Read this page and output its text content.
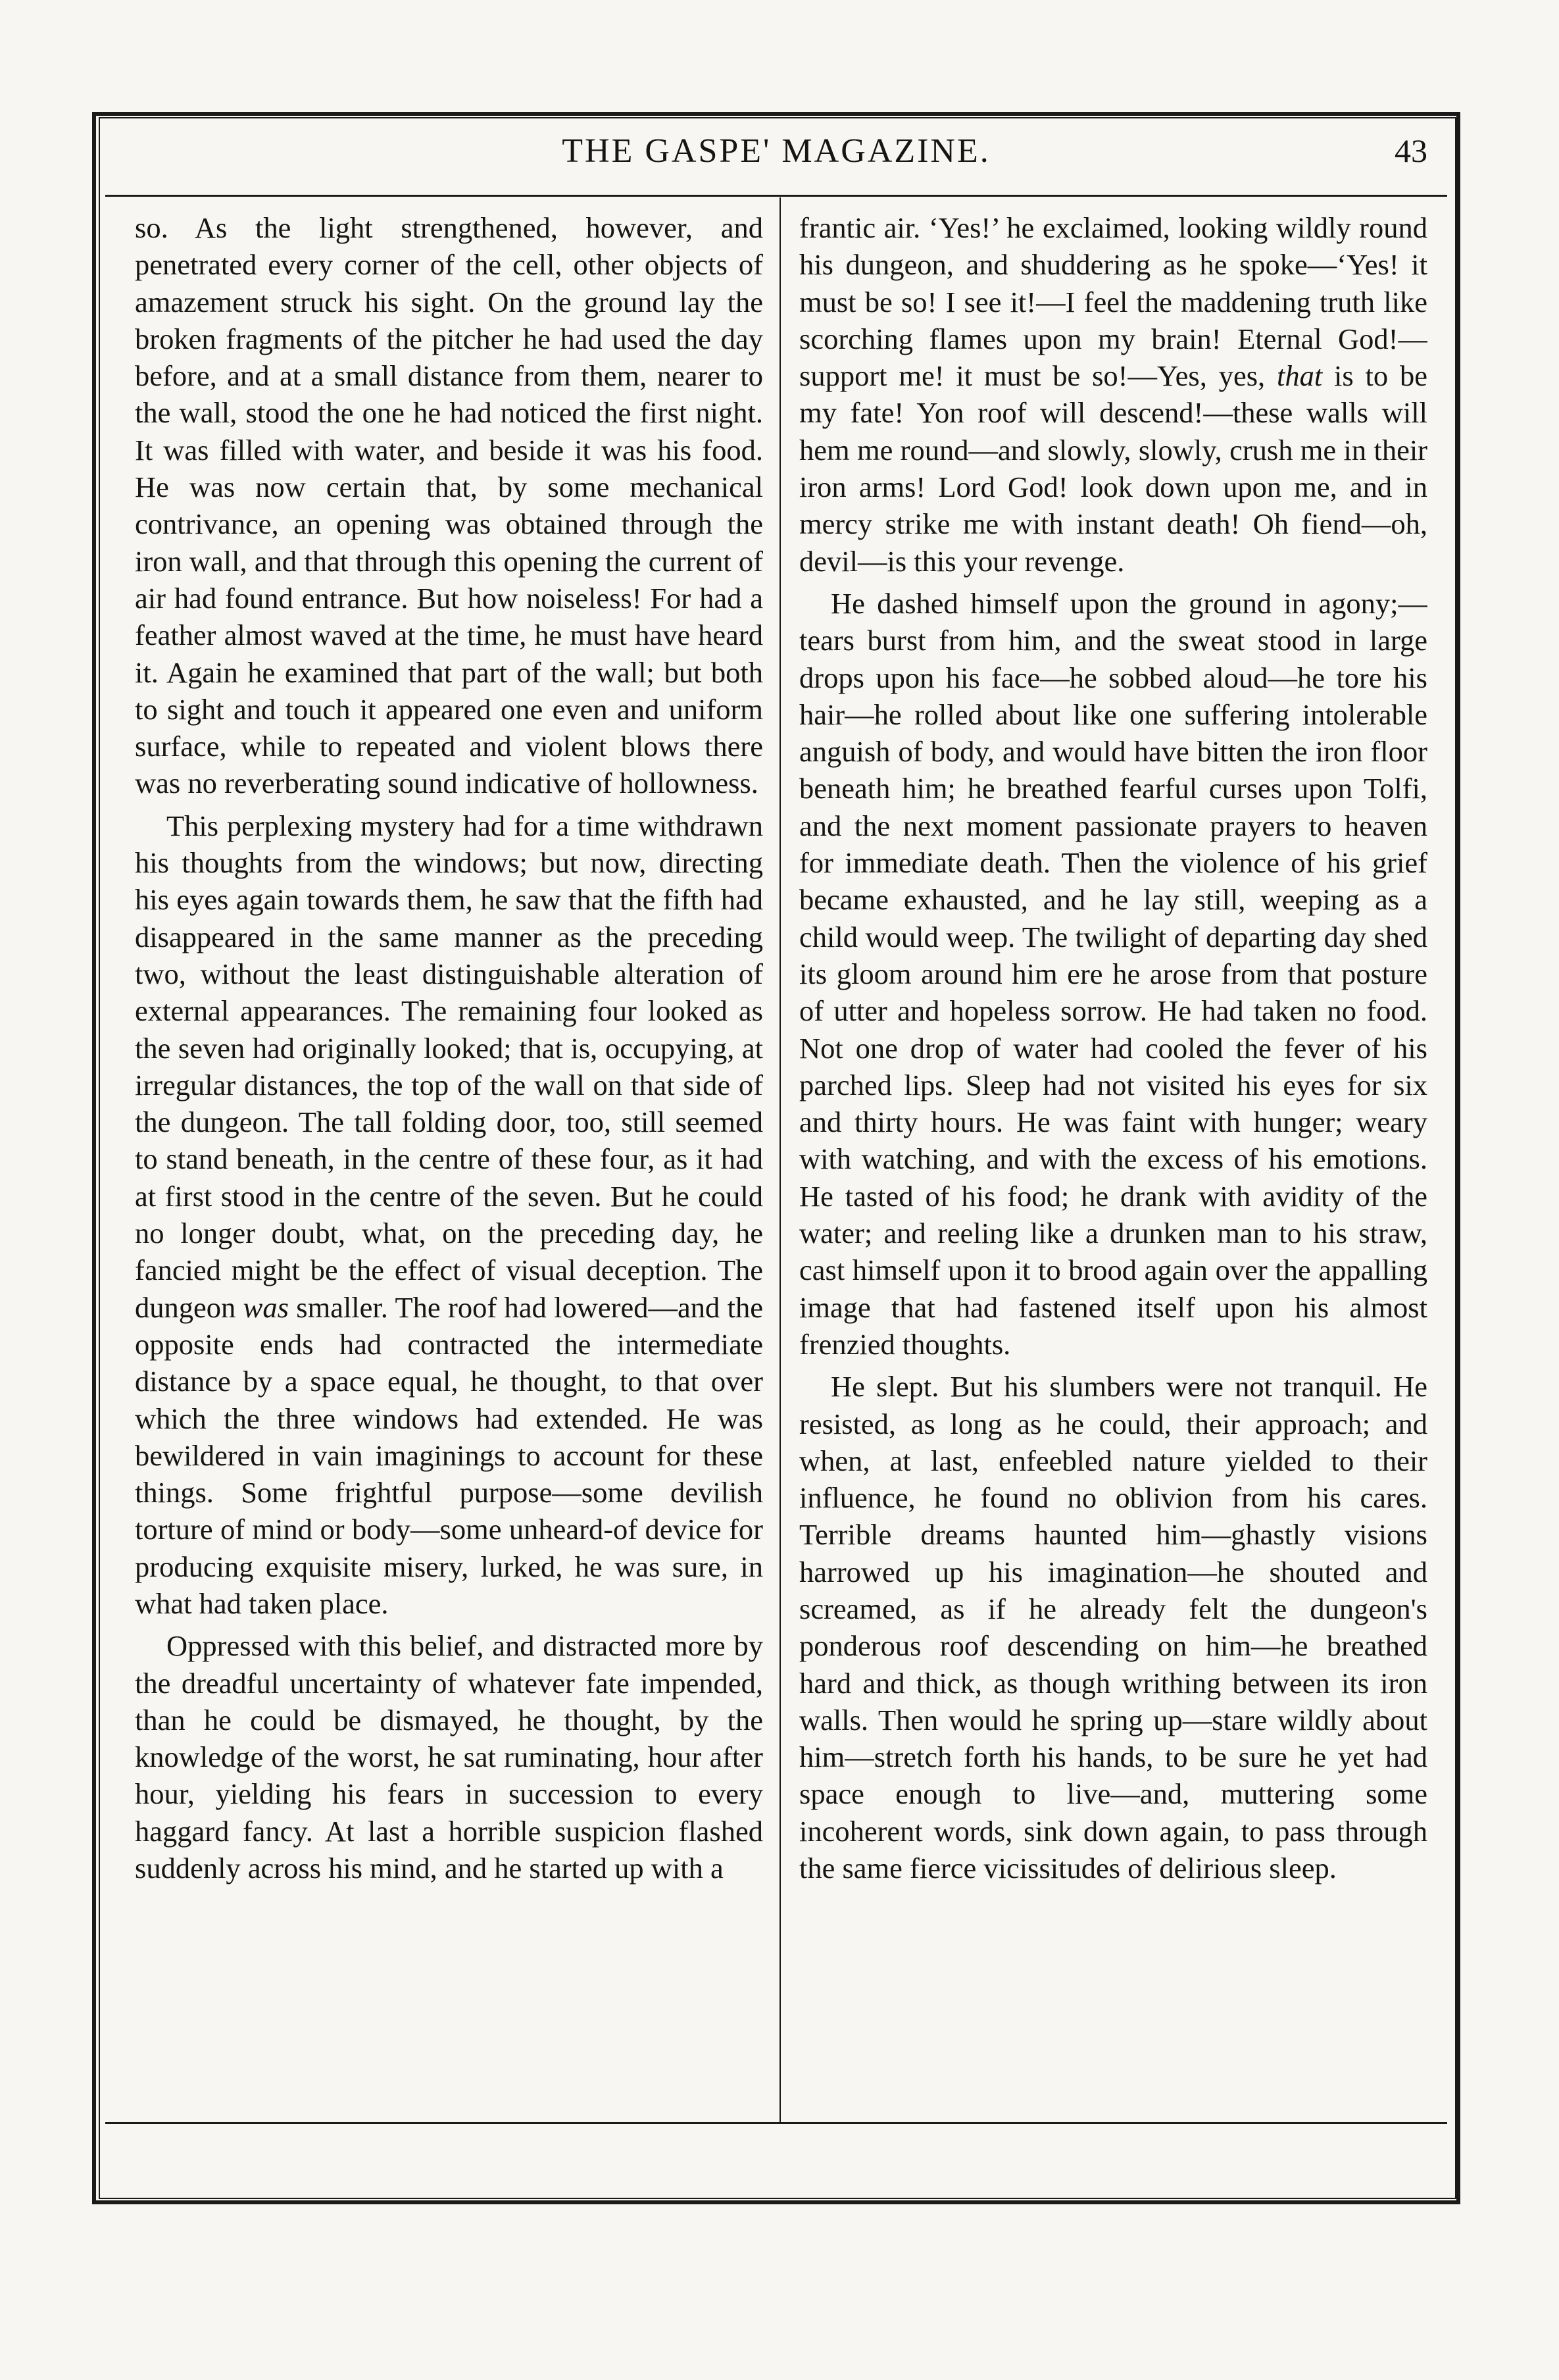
THE GASPE' MAGAZINE.	43

so. As the light strengthened, however, and penetrated every corner of the cell, other objects of amazement struck his sight. On the ground lay the broken fragments of the pitcher he had used the day before, and at a small distance from them, nearer to the wall, stood the one he had noticed the first night. It was filled with water, and beside it was his food. He was now certain that, by some mechanical contrivance, an opening was obtained through the iron wall, and that through this opening the current of air had found entrance. But how noiseless! For had a feather almost waved at the time, he must have heard it. Again he examined that part of the wall; but both to sight and touch it appeared one even and uniform surface, while to repeated and violent blows there was no reverberating sound indicative of hollowness.

This perplexing mystery had for a time withdrawn his thoughts from the windows; but now, directing his eyes again towards them, he saw that the fifth had disappeared in the same manner as the preceding two, without the least distinguishable alteration of external appearances. The remaining four looked as the seven had originally looked; that is, occupying, at irregular distances, the top of the wall on that side of the dungeon. The tall folding door, too, still seemed to stand beneath, in the centre of these four, as it had at first stood in the centre of the seven. But he could no longer doubt, what, on the preceding day, he fancied might be the effect of visual deception. The dungeon was smaller. The roof had lowered—and the opposite ends had contracted the intermediate distance by a space equal, he thought, to that over which the three windows had extended. He was bewildered in vain imaginings to account for these things. Some frightful purpose—some devilish torture of mind or body—some unheard-of device for producing exquisite misery, lurked, he was sure, in what had taken place.

Oppressed with this belief, and distracted more by the dreadful uncertainty of whatever fate impended, than he could be dismayed, he thought, by the knowledge of the worst, he sat ruminating, hour after hour, yielding his fears in succession to every haggard fancy. At last a horrible suspicion flashed suddenly across his mind, and he started up with a

frantic air. ‘Yes!’ he exclaimed, looking wildly round his dungeon, and shuddering as he spoke—‘Yes! it must be so! I see it!—I feel the maddening truth like scorching flames upon my brain! Eternal God!—support me! it must be so!—Yes, yes, that is to be my fate! Yon roof will descend!—these walls will hem me round—and slowly, slowly, crush me in their iron arms! Lord God! look down upon me, and in mercy strike me with instant death! Oh fiend—oh, devil—is this your revenge.

He dashed himself upon the ground in agony;—tears burst from him, and the sweat stood in large drops upon his face—he sobbed aloud—he tore his hair—he rolled about like one suffering intolerable anguish of body, and would have bitten the iron floor beneath him; he breathed fearful curses upon Tolfi, and the next moment passionate prayers to heaven for immediate death. Then the violence of his grief became exhausted, and he lay still, weeping as a child would weep. The twilight of departing day shed its gloom around him ere he arose from that posture of utter and hopeless sorrow. He had taken no food. Not one drop of water had cooled the fever of his parched lips. Sleep had not visited his eyes for six and thirty hours. He was faint with hunger; weary with watching, and with the excess of his emotions. He tasted of his food; he drank with avidity of the water; and reeling like a drunken man to his straw, cast himself upon it to brood again over the appalling image that had fastened itself upon his almost frenzied thoughts.

He slept. But his slumbers were not tranquil. He resisted, as long as he could, their approach; and when, at last, enfeebled nature yielded to their influence, he found no oblivion from his cares. Terrible dreams haunted him—ghastly visions harrowed up his imagination—he shouted and screamed, as if he already felt the dungeon's ponderous roof descending on him—he breathed hard and thick, as though writhing between its iron walls. Then would he spring up—stare wildly about him—stretch forth his hands, to be sure he yet had space enough to live—and, muttering some incoherent words, sink down again, to pass through the same fierce vicissitudes of delirious sleep.
